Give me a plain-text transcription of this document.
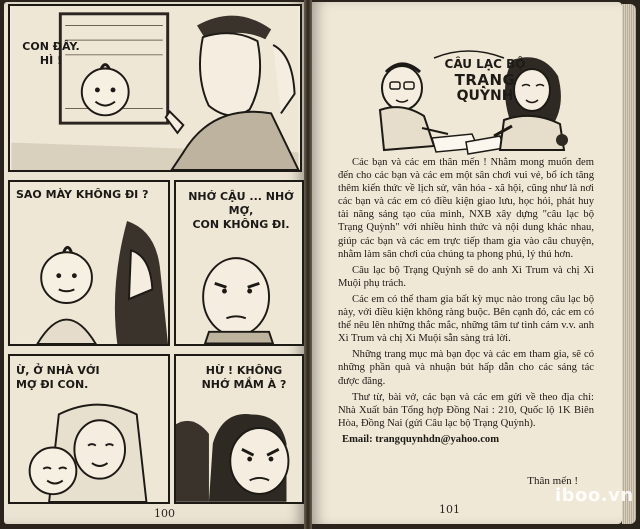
CON ĐÂY.
HÌ !
SAO MÀY KHÔNG ĐI ?	NHỚ CẬU ... NHỚ MỢ,
CON KHÔNG ĐI.
Ừ, Ở NHÀ VỚI
MỢ ĐI CON.
HỪ ! KHÔNG
NHỚ MẮM À ?
100
CÂU LẠC BỘ
TRẠNG
QUỲNH

Các bạn và các em thân mến ! Nhằm mong muốn đem đến cho các bạn và các em một sân chơi vui vẻ, bổ ích tăng thêm kiến thức về lịch sử, văn hóa - xã hội, cũng như là nơi các bạn và các em có điều kiện giao lưu, học hỏi, phát huy tài năng sáng tạo của mình, NXB xây dựng "câu lạc bộ Trạng Quỳnh" với nhiều hình thức và nội dung khác nhau, giúp các bạn và các em trực tiếp tham gia vào câu chuyện, nhằm làm sân chơi của chúng ta phong phú, lý thú hơn.

Câu lạc bộ Trạng Quỳnh sẽ do anh Xì Trum và chị Xì Muội phụ trách.

Các em có thể tham gia bất kỳ mục nào trong câu lạc bộ này, với điều kiện không ràng buộc. Bên cạnh đó, các em có thể nêu lên những thắc mắc, những tâm tư tình cảm v.v. anh Xì Trum và chị Xì Muội sẵn sàng trả lời.

Những trang mục mà bạn đọc và các em tham gia, sẽ có những phần quà và nhuận bút hấp dẫn cho các sáng tác được đăng.

Thư từ, bài vở, các bạn và các em gửi về theo địa chỉ: Nhà Xuất bản Tổng hợp Đồng Nai : 210, Quốc lộ 1K Biên Hòa, Đồng Nai (gửi Câu lạc bộ Trạng Quỳnh).

Email: trangquynhdn@yahoo.com

Thân mến !
101
iboo.vn
